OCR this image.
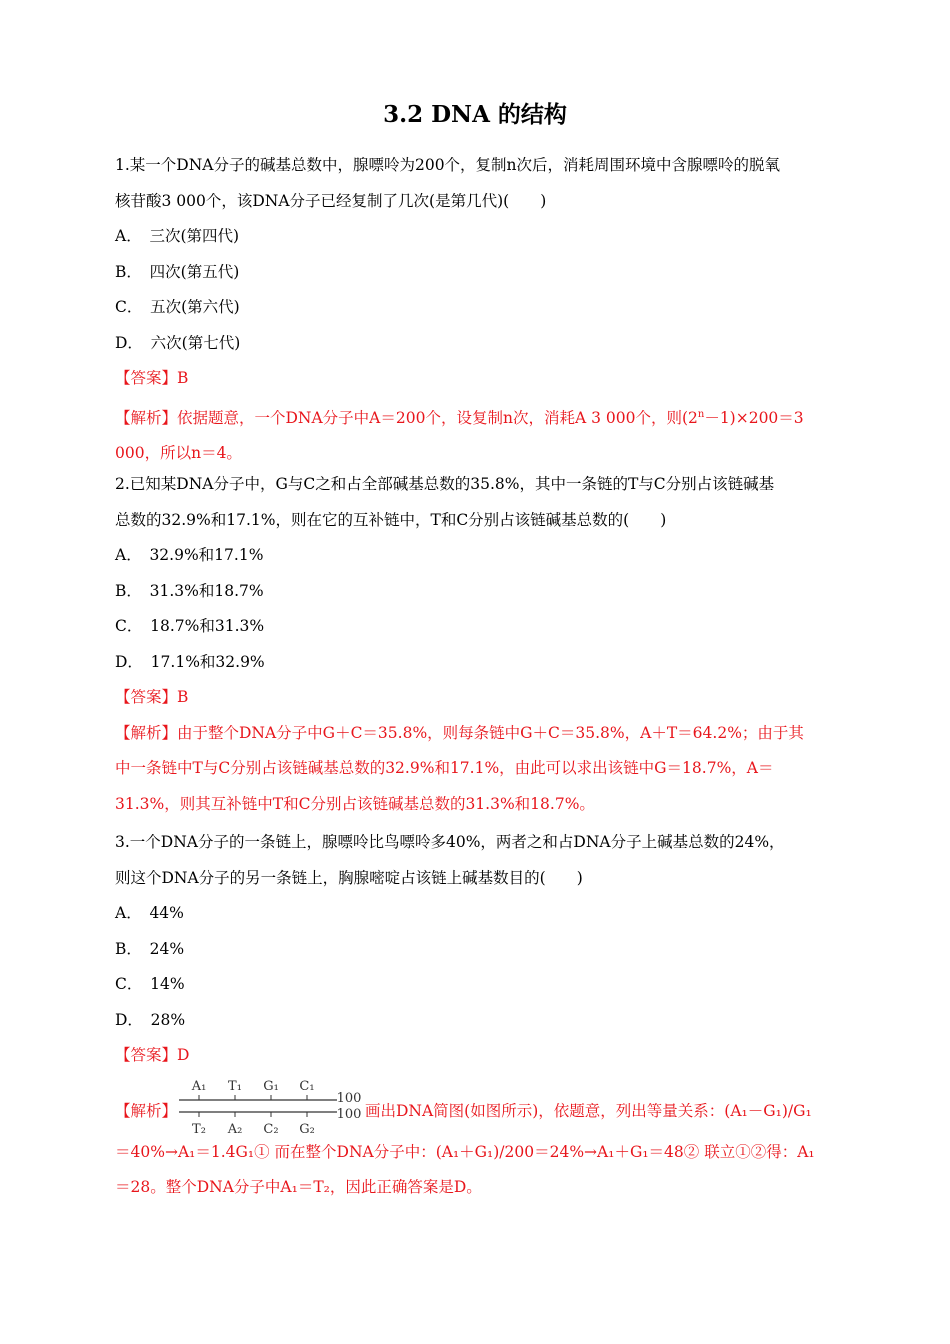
3.2 DNA 的结构

1.某一个DNA分子的碱基总数中，腺嘌呤为200个，复制n次后，消耗周围环境中含腺嘌呤的脱氧

核苷酸3 000个，该DNA分子已经复制了几次(是第几代)(　　)

A．　三次(第四代)

B．　四次(第五代)

C．　五次(第六代)

D．　六次(第七代)

【答案】B

【解析】依据题意，一个DNA分子中A＝200个，设复制n次，消耗A 3 000个，则$(2^n-1)\times 200=3$

000，所以n＝4。

2.已知某DNA分子中，G与C之和占全部碱基总数的35.8%，其中一条链的T与C分别占该链碱基

总数的32.9%和17.1%，则在它的互补链中，T和C分别占该链碱基总数的(　　)

A．　32.9%和17.1%

B．　31.3%和18.7%

C．　18.7%和31.3%

D．　17.1%和32.9%

【答案】B

【解析】由于整个DNA分子中G＋C＝35.8%，则每条链中G＋C＝35.8%，A＋T＝64.2%；由于其

中一条链中T与C分别占该链碱基总数的32.9%和17.1%，由此可以求出该链中G＝18.7%，A＝

31.3%，则其互补链中T和C分别占该链碱基总数的31.3%和18.7%。

3.一个DNA分子的一条链上，腺嘌呤比鸟嘌呤多40%，两者之和占DNA分子上碱基总数的24%，

则这个DNA分子的另一条链上，胸腺嘧啶占该链上碱基数目的(　　)

A．　44%

B．　24%

C．　14%

D．　28%

【答案】D

【解析】
A₁ T₁ G₁ C₁
T₂ A₂ C₂ G₂
100
100 画出DNA简图(如图所示)，依题意，列出等量关系：(A₁－G₁)/G₁

＝40%→A₁＝1.4G₁① 而在整个DNA分子中：(A₁＋G₁)/200＝24%→A₁＋G₁＝48② 联立①②得：A₁

＝28。整个DNA分子中A₁＝T₂，因此正确答案是D。
